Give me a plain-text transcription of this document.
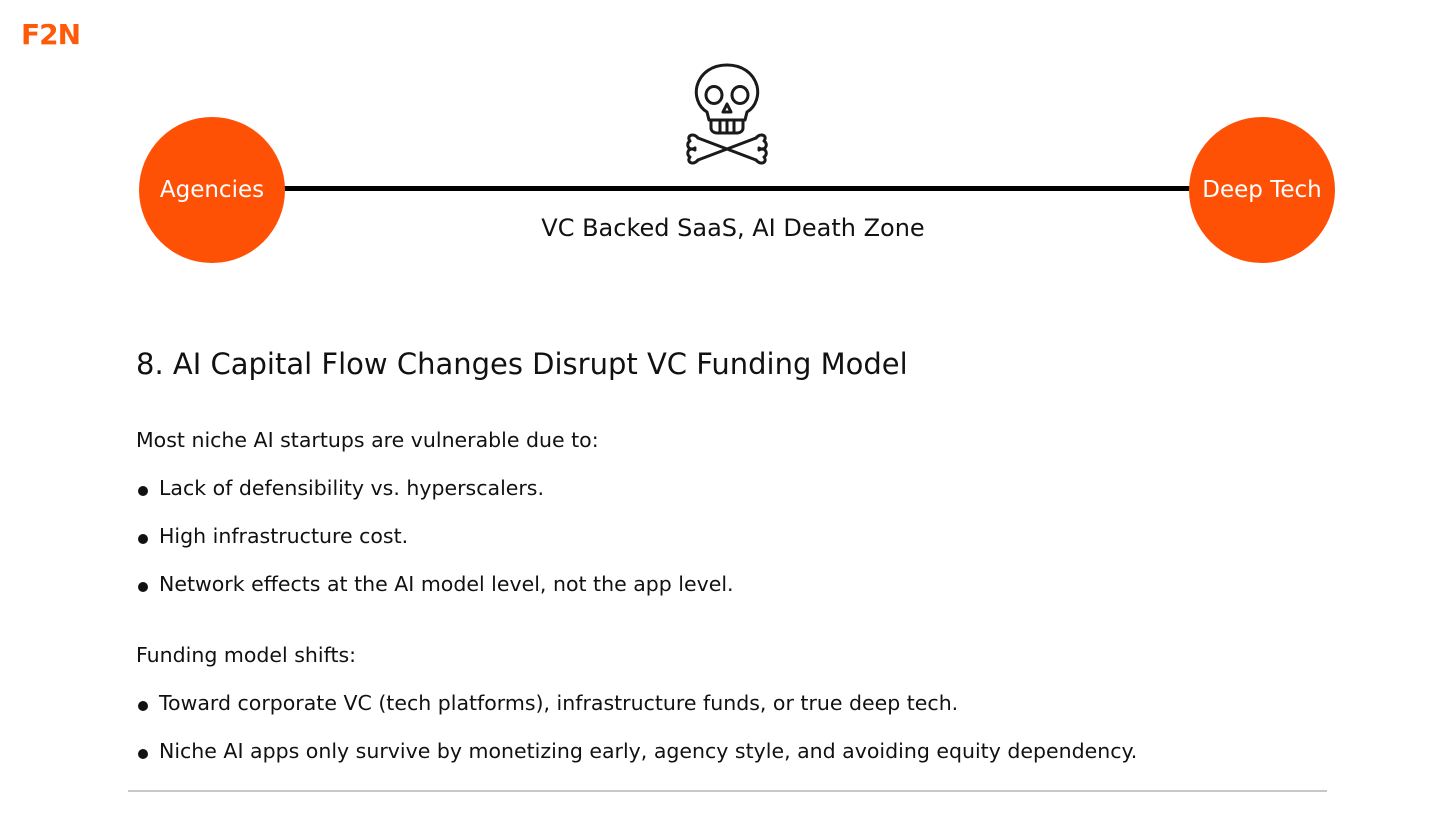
F2N
Agencies	Deep Tech
VC Backed SaaS, AI Death Zone
8. AI Capital Flow Changes Disrupt VC Funding Model

Most niche AI startups are vulnerable due to:

Lack of defensibility vs. hyperscalers.
High infrastructure cost.
Network effects at the AI model level, not the app level.

Funding model shifts:

Toward corporate VC (tech platforms), infrastructure funds, or true deep tech.
Niche AI apps only survive by monetizing early, agency style, and avoiding equity dependency.
